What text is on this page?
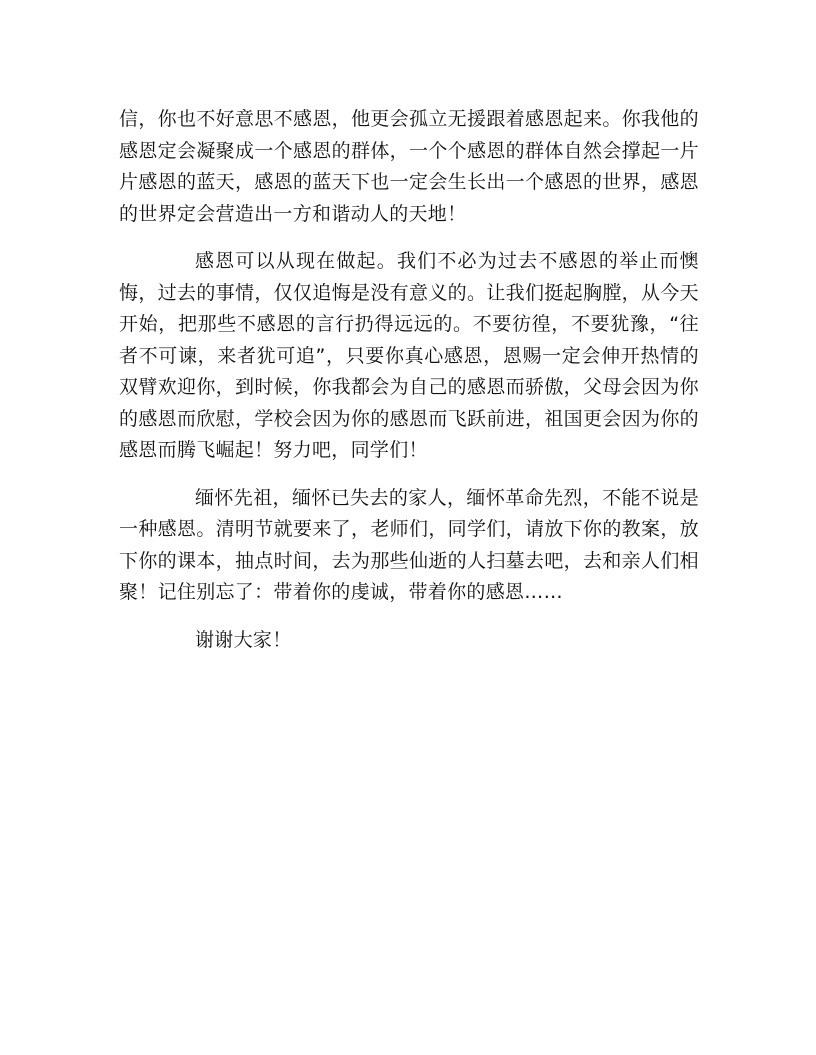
信，你也不好意思不感恩，他更会孤立无援跟着感恩起来。你我他的感恩定会凝聚成一个感恩的群体，一个个感恩的群体自然会撑起一片片感恩的蓝天，感恩的蓝天下也一定会生长出一个感恩的世界，感恩的世界定会营造出一方和谐动人的天地！

感恩可以从现在做起。我们不必为过去不感恩的举止而懊悔，过去的事情，仅仅追悔是没有意义的。让我们挺起胸膛，从今天开始，把那些不感恩的言行扔得远远的。不要彷徨，不要犹豫，“往者不可谏，来者犹可追”，只要你真心感恩，恩赐一定会伸开热情的双臂欢迎你，到时候，你我都会为自己的感恩而骄傲，父母会因为你的感恩而欣慰，学校会因为你的感恩而飞跃前进，祖国更会因为你的感恩而腾飞崛起！努力吧，同学们！

缅怀先祖，缅怀已失去的家人，缅怀革命先烈，不能不说是一种感恩。清明节就要来了，老师们，同学们，请放下你的教案，放下你的课本，抽点时间，去为那些仙逝的人扫墓去吧，去和亲人们相聚！记住别忘了：带着你的虔诚，带着你的感恩……

谢谢大家！
